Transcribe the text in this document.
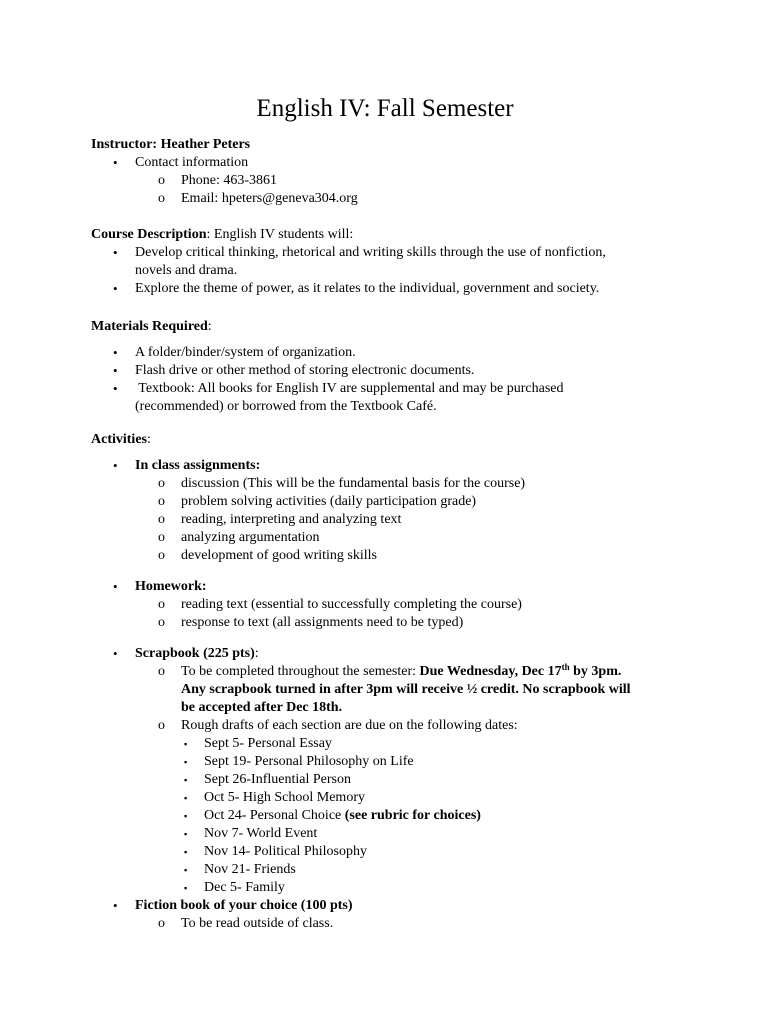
English IV: Fall Semester
Instructor: Heather Peters
• Contact information
o Phone: 463-3861
o Email: hpeters@geneva304.org
Course Description: English IV students will:
• Develop critical thinking, rhetorical and writing skills through the use of nonfiction,
novels and drama.
• Explore the theme of power, as it relates to the individual, government and society.
Materials Required:
• A folder/binder/system of organization.
• Flash drive or other method of storing electronic documents.
• Textbook: All books for English IV are supplemental and may be purchased
(recommended) or borrowed from the Textbook Café.
Activities:
• In class assignments:
o discussion (This will be the fundamental basis for the course)
o problem solving activities (daily participation grade)
o reading, interpreting and analyzing text
o analyzing argumentation
o development of good writing skills
• Homework:
o reading text (essential to successfully completing the course)
o response to text (all assignments need to be typed)
• Scrapbook (225 pts):
o To be completed throughout the semester: Due Wednesday, Dec 17th by 3pm.
Any scrapbook turned in after 3pm will receive ½ credit. No scrapbook will
be accepted after Dec 18th.
o Rough drafts of each section are due on the following dates:
▪ Sept 5- Personal Essay
▪ Sept 19- Personal Philosophy on Life
▪ Sept 26-Influential Person
▪ Oct 5- High School Memory
▪ Oct 24- Personal Choice (see rubric for choices)
▪ Nov 7- World Event
▪ Nov 14- Political Philosophy
▪ Nov 21- Friends
▪ Dec 5- Family
• Fiction book of your choice (100 pts)
o To be read outside of class.
